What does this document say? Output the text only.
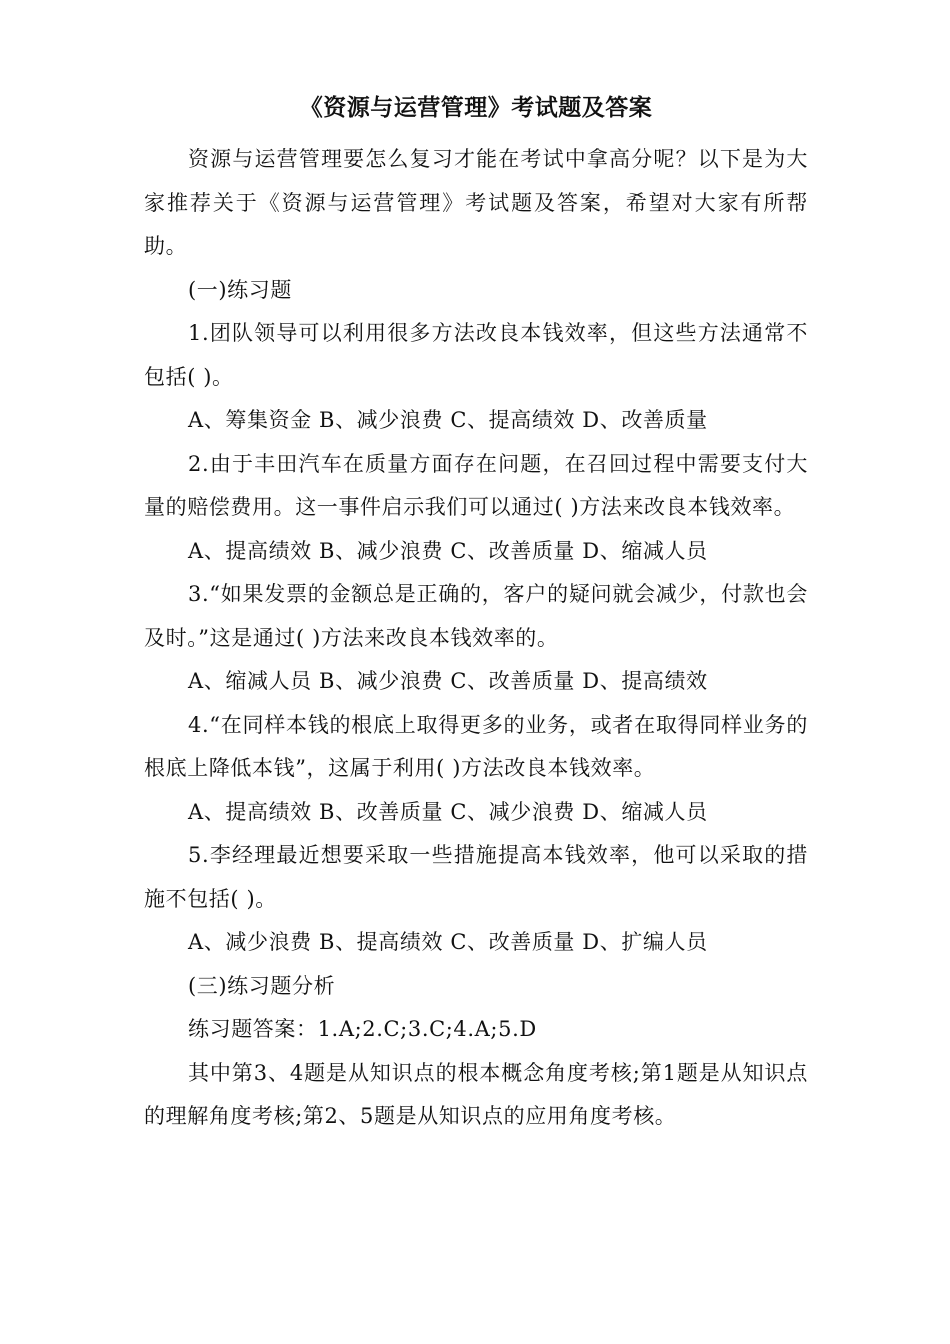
《资源与运营管理》考试题及答案

资源与运营管理要怎么复习才能在考试中拿高分呢？以下是为大家推荐关于《资源与运营管理》考试题及答案，希望对大家有所帮助。

(一)练习题

1.团队领导可以利用很多方法改良本钱效率，但这些方法通常不包括( )。

A、筹集资金 B、减少浪费 C、提高绩效 D、改善质量

2.由于丰田汽车在质量方面存在问题，在召回过程中需要支付大量的赔偿费用。这一事件启示我们可以通过( )方法来改良本钱效率。

A、提高绩效 B、减少浪费 C、改善质量 D、缩减人员

3.“如果发票的金额总是正确的，客户的疑问就会减少，付款也会及时。”这是通过( )方法来改良本钱效率的。

A、缩减人员 B、减少浪费 C、改善质量 D、提高绩效

4.“在同样本钱的根底上取得更多的业务，或者在取得同样业务的根底上降低本钱”，这属于利用( )方法改良本钱效率。

A、提高绩效 B、改善质量 C、减少浪费 D、缩减人员

5.李经理最近想要采取一些措施提高本钱效率，他可以采取的措施不包括( )。

A、减少浪费 B、提高绩效 C、改善质量 D、扩编人员

(三)练习题分析

练习题答案：1.A;2.C;3.C;4.A;5.D

其中第3、4题是从知识点的根本概念角度考核;第1题是从知识点的理解角度考核;第2、5题是从知识点的应用角度考核。
